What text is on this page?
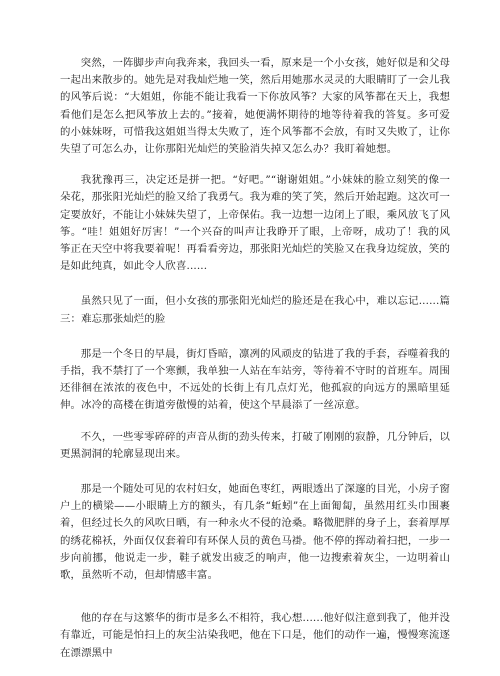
突然，一阵脚步声向我奔来，我回头一看，原来是一个小女孩，她好似是和父母一起出来散步的。她先是对我灿烂地一笑，然后用她那水灵灵的大眼睛盯了一会儿我的风筝后说：“大姐姐，你能不能让我看一下你放风筝？大家的风筝都在天上，我想看他们是怎么把风筝放上去的。”接着，她便满怀期待的地等待着我的答复。多可爱的小妹妹呀，可惜我这姐姐当得太失败了，连个风筝都不会放，有时又失败了，让你失望了可怎么办，让你那阳光灿烂的笑脸消失掉又怎么办？我盯着她想。

我犹豫再三，决定还是拼一把。“好吧。”“谢谢姐姐。”小妹妹的脸立刻笑的像一朵花，那张阳光灿烂的脸又给了我勇气。我为难的笑了笑，然后开始起跑。这次可一定要放好，不能让小妹妹失望了，上帝保佑。我一边想一边闭上了眼，乘风放飞了风筝。“哇！姐姐好厉害！”一个兴奋的叫声让我睁开了眼，上帝呀，成功了！我的风筝正在天空中将我要着呢！再看看旁边，那张阳光灿烂的笑脸又在我身边绽放，笑的是如此纯真，如此令人欣喜......

虽然只见了一面，但小女孩的那张阳光灿烂的脸还是在我心中，难以忘记......篇三：难忘那张灿烂的脸

那是一个冬日的早晨，街灯昏暗，凛冽的风顽皮的钻进了我的手套，吞噬着我的手指，我不禁打了一个寒颤，我单独一人站在车站旁，等待着不守时的首班车。周围还徘徊在浓浓的夜色中，不远处的长街上有几点灯光，他孤寂的向远方的黑暗里延伸。冰冷的高楼在街道旁傲慢的站着，使这个早晨添了一丝凉意。

不久，一些零零碎碎的声音从街的劲头传来，打破了刚刚的寂静，几分钟后，以更黑洞洞的轮廓显现出来。

那是一个随处可见的农村妇女，她面色枣红，两眼透出了深邃的目光，小房子窗户上的横梁——小眼睛上方的额头，有几条“蚯蚓”在上面匍匐，虽然用红头巾围裹着，但经过长久的风吹日晒，有一种永火不侵的沧桑。略微肥胖的身子上，套着厚厚的绣花棉袄，外面仅仅套着印有环保人员的黄色马褂。他不停的挥动着扫把，一步一步向前挪，他说走一步，鞋子就发出疲乏的响声，他一边搜索着灰尘，一边明着山歌，虽然听不动，但却情感丰富。

他的存在与这繁华的街市是多么不相符，我心想......他好似注意到我了，他并没有靠近，可能是怕扫上的灰尘沾染我吧，他在下口是，他们的动作一遍，慢慢寒流逐在漂漂黑中
